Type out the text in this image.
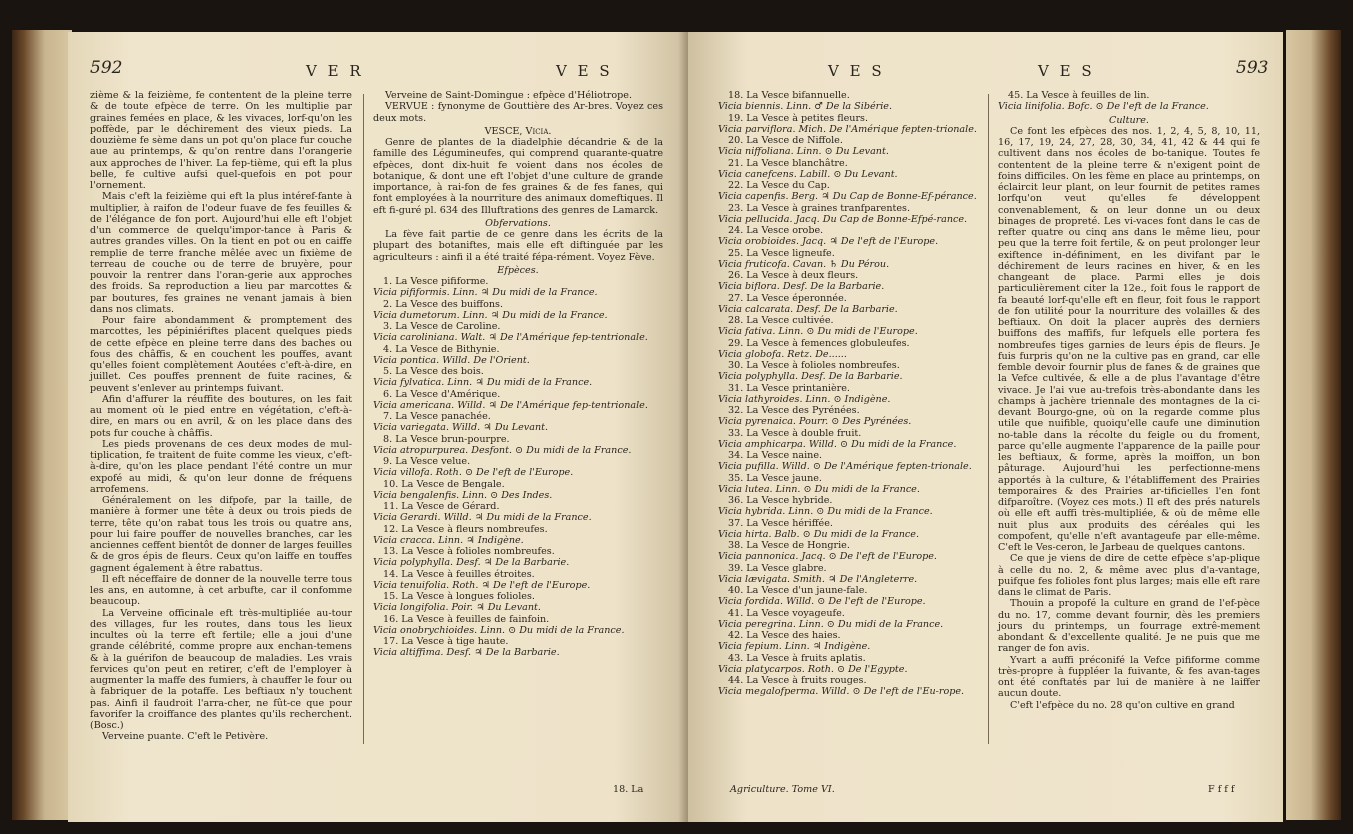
592	V E R	V E S

zième & la feizième, fe contentent de la pleine terre & de toute efpèce de terre. On les multiplie par graines femées en place, & les vivaces, lorf-qu'on les poffède, par le déchirement des vieux pieds. La douzième fe sème dans un pot qu'on place fur couche aue au printemps, & qu'on rentre dans l'orangerie aux approches de l'hiver. La fep-tième, qui eft la plus belle, fe cultive aufsi quel-quefois en pot pour l'ornement.

Mais c'eft la feizième qui eft la plus intéref-fante à multiplier, à raifon de l'odeur fuave de fes feuilles & de l'élégance de fon port. Aujourd'hui elle eft l'objet d'un commerce de quelqu'impor-tance à Paris & autres grandes villes. On la tient en pot ou en caiffe remplie de terre franche mêlée avec un fixième de terreau de couche ou de terre de bruyère, pour pouvoir la rentrer dans l'oran-gerie aux approches des froids. Sa reproduction a lieu par marcottes & par boutures, fes graines ne venant jamais à bien dans nos climats.

Pour faire abondamment & promptement des marcottes, les pépiniériftes placent quelques pieds de cette efpèce en pleine terre dans des baches ou fous des châffis, & en couchent les pouffes, avant qu'elles foient complètement Aoutées c'eft-à-dire, en juillet. Ces pouffes prennent de fuite racines, & peuvent s'enlever au printemps fuivant.

Afin d'affurer la réuffite des boutures, on les fait au moment où le pied entre en végétation, c'eft-à-dire, en mars ou en avril, & on les place dans des pots fur couche à châffis.

Les pieds provenans de ces deux modes de mul-tiplication, fe traitent de fuite comme les vieux, c'eft-à-dire, qu'on les place pendant l'été contre un mur expofé au midi, & qu'on leur donne de fréquens arrofemens.

Généralement on les difpofe, par la taille, de manière à former une tête à deux ou trois pieds de terre, tête qu'on rabat tous les trois ou quatre ans, pour lui faire pouffer de nouvelles branches, car les anciennes ceffent bientôt de donner de larges feuilles & de gros épis de fleurs. Ceux qu'on laiffe en touffes gagnent également à être rabattus.

Il eft néceffaire de donner de la nouvelle terre tous les ans, en automne, à cet arbufte, car il confomme beaucoup.

La Verveine officinale eft très-multipliée au-tour des villages, fur les routes, dans tous les lieux incultes où la terre eft fertile; elle a joui d'une grande célébrité, comme propre aux enchan-temens & à la guérifon de beaucoup de maladies. Les vrais fervices qu'on peut en retirer, c'eft de l'employer à augmenter la maffe des fumiers, à chauffer le four ou à fabriquer de la potaffe. Les beftiaux n'y touchent pas. Ainfi il faudroit l'arra-cher, ne fût-ce que pour favorifer la croiffance des plantes qu'ils recherchent. (Bosc.)

Verveine puante. C'eft le Petivère.

Verveine de Saint-Domingue : efpèce d'Héliotrope.

VERVUE : fynonyme de Gouttière des Ar-bres. Voyez ces deux mots.

VESCE, Vicia.

Genre de plantes de la diadelphie décandrie & de la famille des Légumineufes, qui comprend quarante-quatre efpèces, dont dix-huit fe voient dans nos écoles de botanique, & dont une eft l'objet d'une culture de grande importance, à rai-fon de fes graines & de fes fanes, qui font employées à la nourriture des animaux domeftiques. Il eft fi-guré pl. 634 des Illuftrations des genres de Lamarck.

Obfervations.

La fève fait partie de ce genre dans les écrits de la plupart des botaniftes, mais elle eft diftinguée par les agriculteurs : ainfi il a été traité fépa-rément. Voyez Fève.

Efpèces.

1. La Vesce pififorme.

Vicia pififormis. Linn. ♃ Du midi de la France.

2. La Vesce des buiffons.

Vicia dumetorum. Linn. ♃ Du midi de la France.

3. La Vesce de Caroline.

Vicia caroliniana. Walt. ♃ De l'Amérique fep-tentrionale.

4. La Vesce de Bithynie.

Vicia pontica. Willd. De l'Orient.

5. La Vesce des bois.

Vicia fylvatica. Linn. ♃ Du midi de la France.

6. La Vesce d'Amérique.

Vicia americana. Willd. ♃ De l'Amérique fep-tentrionale.

7. La Vesce panachée.

Vicia variegata. Willd. ♃ Du Levant.

8. La Vesce brun-pourpre.

Vicia atropurpurea. Desfont. ⊙ Du midi de la France.

9. La Vesce velue.

Vicia villofa. Roth. ⊙ De l'eft de l'Europe.

10. La Vesce de Bengale.

Vicia bengalenfis. Linn. ⊙ Des Indes.

11. La Vesce de Gérard.

Vicia Gerardi. Willd. ♃ Du midi de la France.

12. La Vesce à fleurs nombreufes.

Vicia cracca. Linn. ♃ Indigène.

13. La Vesce à folioles nombreufes.

Vicia polyphylla. Desf. ♃ De la Barbarie.

14. La Vesce à feuilles étroites.

Vicia tenuifolia. Roth. ♃ De l'eft de l'Europe.

15. La Vesce à longues folioles.

Vicia longifolia. Poir. ♃ Du Levant.

16. La Vesce à feuilles de fainfoin.

Vicia onobrychioides. Linn. ⊙ Du midi de la France.

17. La Vesce à tige haute.

Vicia altiffima. Desf. ♃ De la Barbarie.

18. La
V E S	V E S	593

18. La Vesce bifannuelle.

Vicia biennis. Linn. ♂ De la Sibérie.

19. La Vesce à petites fleurs.

Vicia parviflora. Mich. De l'Amérique fepten-trionale.

20. La Vesce de Niffole.

Vicia niffoliana. Linn. ⊙ Du Levant.

21. La Vesce blanchâtre.

Vicia canefcens. Labill. ⊙ Du Levant.

22. La Vesce du Cap.

Vicia capenfis. Berg. ♃ Du Cap de Bonne-Ef-pérance.

23. La Vesce à graines tranfparentes.

Vicia pellucida. Jacq. Du Cap de Bonne-Efpé-rance.

24. La Vesce orobe.

Vicia orobioides. Jacq. ♃ De l'eft de l'Europe.

25. La Vesce ligneufe.

Vicia fruticofa. Cavan. ♄ Du Pérou.

26. La Vesce à deux fleurs.

Vicia biflora. Desf. De la Barbarie.

27. La Vesce éperonnée.

Vicia calcarata. Desf. De la Barbarie.

28. La Vesce cultivée.

Vicia fativa. Linn. ⊙ Du midi de l'Europe.

29. La Vesce à femences globuleufes.

Vicia globofa. Retz. De......

30. La Vesce à folioles nombreufes.

Vicia polyphylla. Desf. De la Barbarie.

31. La Vesce printanière.

Vicia lathyroides. Linn. ⊙ Indigène.

32. La Vesce des Pyrénées.

Vicia pyrenaica. Pourr. ⊙ Des Pyrénées.

33. La Vesce à double fruit.

Vicia amphicarpa. Willd. ⊙ Du midi de la France.

34. La Vesce naine.

Vicia pufilla. Willd. ⊙ De l'Amérique fepten-trionale.

35. La Vesce jaune.

Vicia lutea. Linn. ⊙ Du midi de la France.

36. La Vesce hybride.

Vicia hybrida. Linn. ⊙ Du midi de la France.

37. La Vesce hériffée.

Vicia hirta. Balb. ⊙ Du midi de la France.

38. La Vesce de Hongrie.

Vicia pannonica. Jacq. ⊙ De l'eft de l'Europe.

39. La Vesce glabre.

Vicia lævigata. Smith. ♃ De l'Angleterre.

40. La Vesce d'un jaune-fale.

Vicia fordida. Willd. ⊙ De l'eft de l'Europe.

41. La Vesce voyageufe.

Vicia peregrina. Linn. ⊙ Du midi de la France.

42. La Vesce des haies.

Vicia fepium. Linn. ♃ Indigène.

43. La Vesce à fruits aplatis.

Vicia platycarpos. Roth. ⊙ De l'Egypte.

44. La Vesce à fruits rouges.

Vicia megalofperma. Willd. ⊙ De l'eft de l'Eu-rope.

45. La Vesce à feuilles de lin.

Vicia linifolia. Bofc. ⊙ De l'eft de la France.

Culture.

Ce font les efpèces des nos. 1, 2, 4, 5, 8, 10, 11, 16, 17, 19, 24, 27, 28, 30, 34, 41, 42 & 44 qui fe cultivent dans nos écoles de bo-tanique. Toutes fe contentent de la pleine terre & n'exigent point de foins difficiles. On les fème en place au printemps, on éclaircit leur plant, on leur fournit de petites rames lorfqu'on veut qu'elles fe développent convenablement, & on leur donne un ou deux binages de propreté. Les vi-vaces font dans le cas de refter quatre ou cinq ans dans le même lieu, pour peu que la terre foit fertile, & on peut prolonger leur exiftence in-définiment, en les divifant par le déchirement de leurs racines en hiver, & en les changeant de place. Parmi elles je dois particulièrement citer la 12e., foit fous le rapport de fa beauté lorf-qu'elle eft en fleur, foit fous le rapport de fon utilité pour la nourriture des volailles & des beftiaux. On doit la placer auprès des derniers buiffons des maffifs, fur lefquels elle portera fes nombreufes tiges garnies de leurs épis de fleurs. Je fuis furpris qu'on ne la cultive pas en grand, car elle femble devoir fournir plus de fanes & de graines que la Vefce cultivée, & elle a de plus l'avantage d'être vivace. Je l'ai vue au-trefois très-abondante dans les champs à jachère triennale des montagnes de la ci-devant Bourgo-gne, où on la regarde comme plus utile que nuifible, quoiqu'elle caufe une diminution no-table dans la récolte du feigle ou du froment, parce qu'elle augmente l'apparence de la paille pour les beftiaux, & forme, après la moiffon, un bon pâturage. Aujourd'hui les perfectionne-mens apportés à la culture, & l'établiffement des Prairies temporaires & des Prairies ar-tificielles l'en font difparoître. (Voyez ces mots.) Il eft des prés naturels où elle eft auffi très-multipliée, & où de même elle nuit plus aux produits des céréales qui les compofent, qu'elle n'eft avantageufe par elle-même. C'eft le Ves-ceron, le Jarbeau de quelques cantons.

Ce que je viens de dire de cette efpèce s'ap-plique à celle du no. 2, & même avec plus d'a-vantage, puifque fes folioles font plus larges; mais elle eft rare dans le climat de Paris.

Thouin a propofé la culture en grand de l'ef-pèce du no. 17, comme devant fournir, dès les premiers jours du printemps, un fourrage extrê-mement abondant & d'excellente qualité. Je ne puis que me ranger de fon avis.

Yvart a auffi préconifé la Vefce pififorme comme très-propre à fuppléer la fuivante, & fes avan-tages ont été conftatés par lui de manière à ne laiffer aucun doute.

C'eft l'efpèce du no. 28 qu'on cultive en grand

Agriculture. Tome VI.	F f f f
